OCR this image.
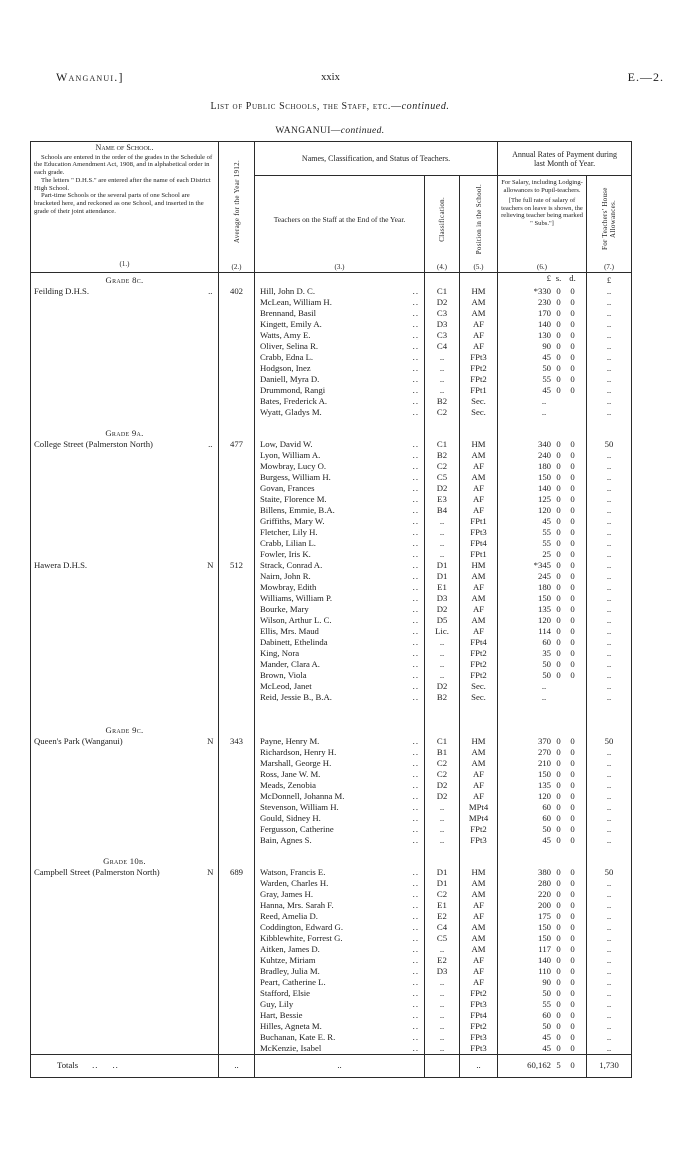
Wanganui.]	xxix	E.—2.
List of Public Schools, the Staff, etc.—continued.
WANGANUI—continued.
Name of School.

Schools are entered in the order of the grades in the Schedule of the Education Amendment Act, 1908, and in alphabetical order in each grade.

The letters " D.H.S." are entered after the name of each District High School.

Part-time Schools or the several parts of one School are bracketed here, and reckoned as one School, and inserted in the grade of their joint attendance.

(1.)

Average for the Year 1912.
(2.)
	Names, Classification, and Status of Teachers.	Annual Rates of Payment during last Month of Year.

Teachers on the Staff at the End of the Year.
(3.)

Classification.
(4.)

Position in the School.
(5.)

For Salary, including Lodging-allowances to Pupil-teachers.
[The full rate of salary of teachers on leave is shown, the relieving teacher being marked " Subs."]
(6.)

For Teachers' House Allowances.
(7.)

Grade 8c.						£ s. d.	£

Feilding D.H.S.	..	402	Hill, John D. C. ..	C1	HM	*330 0 0	..

			McLean, William H. ..	D2	AM	230 0 0	..

			Brennand, Basil ..	C3	AM	170 0 0	..

			Kingett, Emily A. ..	D3	AF	140 0 0	..

			Watts, Amy E. ..	C3	AF	130 0 0	..

			Oliver, Selina R. ..	C4	AF	90 0 0	..

			Crabb, Edna L. ..	..	FPt3	45 0 0	..

			Hodgson, Inez ..	..	FPt2	50 0 0	..

			Daniell, Myra D. ..	..	FPt2	55 0 0	..

			Drummond, Rangi ..	..	FPt1	45 0 0	..

			Bates, Frederick A. ..	B2	Sec.	..	..

			Wyatt, Gladys M. ..	C2	Sec.	..	..
Grade 9a.							

College Street (Palmerston North)	..	477	Low, David W. ..	C1	HM	340 0 0	50

			Lyon, William A. ..	B2	AM	240 0 0	..

			Mowbray, Lucy O. ..	C2	AF	180 0 0	..

			Burgess, William H. ..	C5	AM	150 0 0	..

			Govan, Frances ..	D2	AF	140 0 0	..

			Staite, Florence M. ..	E3	AF	125 0 0	..

			Billens, Emmie, B.A. ..	B4	AF	120 0 0	..

			Griffiths, Mary W. ..	..	FPt1	45 0 0	..

			Fletcher, Lily H. ..	..	FPt3	55 0 0	..

			Crabb, Lilian L. ..	..	FPt4	55 0 0	..

			Fowler, Iris K. ..	..	FPt1	25 0 0	..

Hawera D.H.S.	N	512	Strack, Conrad A. ..	D1	HM	*345 0 0	..

			Nairn, John R. ..	D1	AM	245 0 0	..

			Mowbray, Edith ..	E1	AF	180 0 0	..

			Williams, William P. ..	D3	AM	150 0 0	..

			Bourke, Mary ..	D2	AF	135 0 0	..

			Wilson, Arthur L. C. ..	D5	AM	120 0 0	..

			Ellis, Mrs. Maud ..	Lic.	AF	114 0 0	..

			Dabinett, Ethelinda ..	..	FPt4	60 0 0	..

			King, Nora ..	..	FPt2	35 0 0	..

			Mander, Clara A. ..	..	FPt2	50 0 0	..

			Brown, Viola ..	..	FPt2	50 0 0	..

			McLeod, Janet ..	D2	Sec.	..	..

			Reid, Jessie B., B.A. ..	B2	Sec.	..	..
Grade 9c.							

Queen's Park (Wanganui)	N	343	Payne, Henry M. ..	C1	HM	370 0 0	50

			Richardson, Henry H. ..	B1	AM	270 0 0	..

			Marshall, George H. ..	C2	AM	210 0 0	..

			Ross, Jane W. M. ..	C2	AF	150 0 0	..

			Meads, Zenobia ..	D2	AF	135 0 0	..

			McDonnell, Johanna M. ..	D2	AF	120 0 0	..

			Stevenson, William H. ..	..	MPt4	60 0 0	..

			Gould, Sidney H. ..	..	MPt4	60 0 0	..

			Fergusson, Catherine ..	..	FPt2	50 0 0	..

			Bain, Agnes S. ..	..	FPt3	45 0 0	..
Grade 10b.							

Campbell Street (Palmerston North)	N	689	Watson, Francis E. ..	D1	HM	380 0 0	50

			Warden, Charles H. ..	D1	AM	280 0 0	..

			Gray, James H. ..	C2	AM	220 0 0	..

			Hanna, Mrs. Sarah F. ..	E1	AF	200 0 0	..

			Reed, Amelia D. ..	E2	AF	175 0 0	..

			Coddington, Edward G. ..	C4	AM	150 0 0	..

			Kibblewhite, Forrest G. ..	C5	AM	150 0 0	..

			Aitken, James D. ..	..	AM	117 0 0	..

			Kuhtze, Miriam ..	E2	AF	140 0 0	..

			Bradley, Julia M. ..	D3	AF	110 0 0	..

			Peart, Catherine L. ..	..	AF	90 0 0	..

			Stafford, Elsie ..	..	FPt2	50 0 0	..

			Guy, Lily ..	..	FPt3	55 0 0	..

			Hart, Bessie ..	..	FPt4	60 0 0	..

			Hilles, Agneta M. ..	..	FPt2	50 0 0	..

			Buchanan, Kate E. R. ..	..	FPt3	45 0 0	..

			McKenzie, Isabel ..	..	FPt3	45 0 0	..
Totals .. ..		..	..		..	60,162 5 0	1,730
